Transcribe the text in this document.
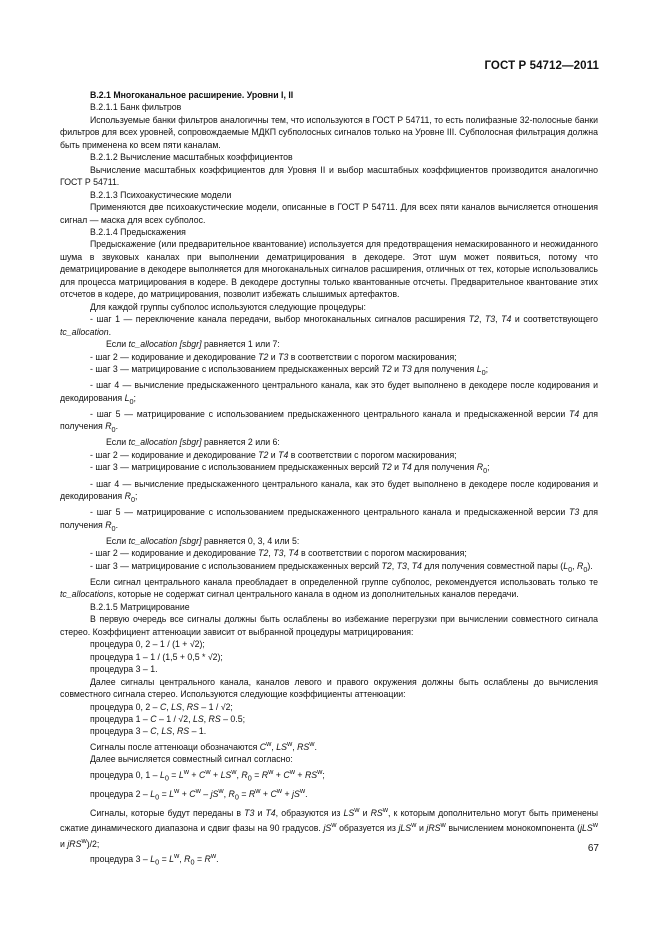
ГОСТ Р 54712—2011

B.2.1 Многоканальное расширение. Уровни I, II

B.2.1.1 Банк фильтров

Используемые банки фильтров аналогичны тем, что используются в ГОСТ Р 54711, то есть полифазные 32-полосные банки фильтров для всех уровней, сопровождаемые МДКП субполосных сигналов только на Уровне III. Субполосная фильтрация должна быть применена ко всем пяти каналам.

B.2.1.2 Вычисление масштабных коэффициентов

Вычисление масштабных коэффициентов для Уровня II и выбор масштабных коэффициентов производится аналогично ГОСТ Р 54711.

B.2.1.3 Психоакустические модели

Применяются две психоакустические модели, описанные в ГОСТ Р 54711. Для всех пяти каналов вычисляется отношения сигнал — маска для всех субполос.

B.2.1.4 Предыскажения

Предыскажение (или предварительное квантование) используется для предотвращения немаскированного и неожиданного шума в звуковых каналах при выполнении дематрицирования в декодере. Этот шум может появиться, потому что дематрицирование в декодере выполняется для многоканальных сигналов расширения, отличных от тех, которые использовались для процесса матрицирования в кодере. В декодере доступны только квантованные отсчеты. Предварительное квантование этих отсчетов в кодере, до матрицирования, позволит избежать слышимых артефактов.

Для каждой группы субполос используются следующие процедуры:

- шаг 1 — переключение канала передачи, выбор многоканальных сигналов расширения T2, T3, T4 и соответствующего tc_allocation.

Если tc_allocation [sbgr] равняется 1 или 7:

- шаг 2 — кодирование и декодирование T2 и T3 в соответствии с порогом маскирования;

- шаг 3 — матрицирование с использованием предыскаженных версий T2 и T3 для получения $L_0$;

- шаг 4 — вычисление предыскаженного центрального канала, как это будет выполнено в декодере после кодирования и декодирования $L_0$;

- шаг 5 — матрицирование с использованием предыскаженного центрального канала и предыскаженной версии T4 для получения $R_0$.

Если tc_allocation [sbgr] равняется 2 или 6:

- шаг 2 — кодирование и декодирование T2 и T4 в соответствии с порогом маскирования;

- шаг 3 — матрицирование с использованием предыскаженных версий T2 и T4 для получения $R_0$;

- шаг 4 — вычисление предыскаженного центрального канала, как это будет выполнено в декодере после кодирования и декодирования $R_0$;

- шаг 5 — матрицирование с использованием предыскаженного центрального канала и предыскаженной версии T3 для получения $R_0$.

Если tc_allocation [sbgr] равняется 0, 3, 4 или 5:

- шаг 2 — кодирование и декодирование T2, T3, T4 в соответствии с порогом маскирования;

- шаг 3 — матрицирование с использованием предыскаженных версий T2, T3, T4 для получения совместной пары ($L_0$, $R_0$).

Если сигнал центрального канала преобладает в определенной группе субполос, рекомендуется использовать только те tc_allocations, которые не содержат сигнал центрального канала в одном из дополнительных каналов передачи.

B.2.1.5 Матрицирование

В первую очередь все сигналы должны быть ослаблены во избежание перегрузки при вычислении совместного сигнала стерео. Коэффициент аттенюации зависит от выбранной процедуры матрицирования:

процедура 0, 2 – 1 / (1 + √2);

процедура 1 – 1 / (1,5 + 0,5 * √2);

процедура 3 – 1.

Далее сигналы центрального канала, каналов левого и правого окружения должны быть ослаблены до вычисления совместного сигнала стерео. Используются следующие коэффициенты аттенюации:

процедура 0, 2 – C, LS, RS – 1 / √2;

процедура 1 – C – 1 / √2, LS, RS – 0.5;

процедура 3 – C, LS, RS – 1.

Сигналы после аттенюаци обозначаются $C^w$, $LS^w$, $RS^w$.

Далее вычисляется совместный сигнал согласно:

процедура 0, $1 - L_0 = L^w + C^w + LS^w$, $R_0 = R^w + C^w + RS^w$;

процедура $2 - L_0 = L^w + C^w - jS^w$, $R_0 = R^w + C^w + jS^w$.

Сигналы, которые будут переданы в T3 и T4, образуются из $LS^w$ и $RS^w$, к которым дополнительно могут быть применены сжатие динамического диапазона и сдвиг фазы на 90 градусов. $jS^w$ образуется из jLS$^w$ и jRS$^w$ вычислением монокомпонента (jLS$^w$ и jRS$^w$)/2;

процедура $3 - L_0 = L^w$, $R_0 = R^w$.

67
